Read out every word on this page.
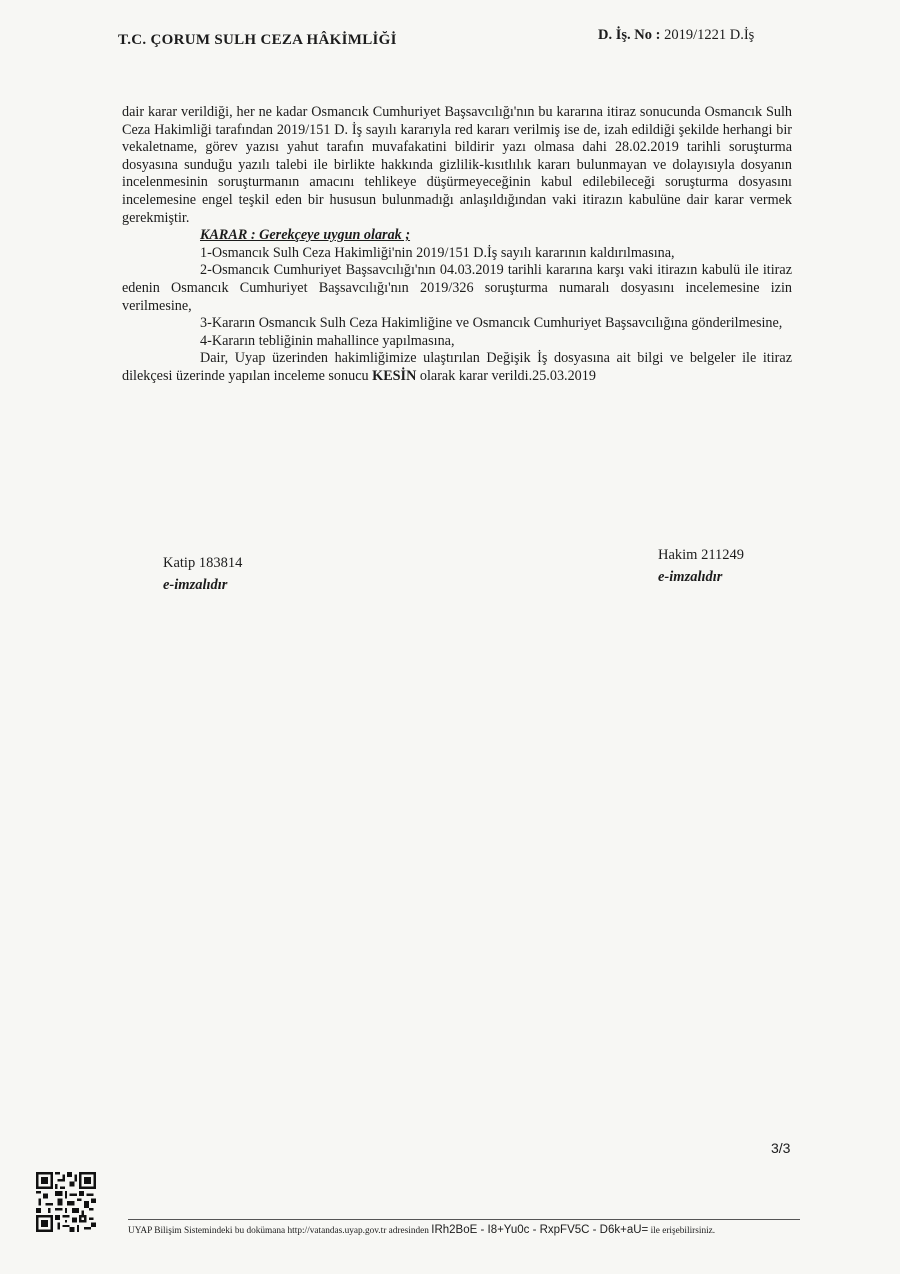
T.C. ÇORUM SULH CEZA HÂKİMLİĞİ	D. İş. No : 2019/1221 D.İş

dair karar verildiği, her ne kadar Osmancık Cumhuriyet Başsavcılığı'nın bu kararına itiraz sonucunda Osmancık Sulh Ceza Hakimliği tarafından 2019/151 D. İş sayılı kararıyla red kararı verilmiş ise de, izah edildiği şekilde herhangi bir vekaletname, görev yazısı yahut tarafın muvafakatini bildirir yazı olmasa dahi 28.02.2019 tarihli soruşturma dosyasına sunduğu yazılı talebi ile birlikte hakkında gizlilik-kısıtlılık kararı bulunmayan ve dolayısıyla dosyanın incelenmesinin soruşturmanın amacını tehlikeye düşürmeyeceğinin kabul edilebileceği soruşturma dosyasını incelemesine engel teşkil eden bir hususun bulunmadığı anlaşıldığından vaki itirazın kabulüne dair karar vermek gerekmiştir.

KARAR : Gerekçeye uygun olarak ;

1-Osmancık Sulh Ceza Hakimliği'nin 2019/151 D.İş sayılı kararının kaldırılmasına,

2-Osmancık Cumhuriyet Başsavcılığı'nın 04.03.2019 tarihli kararına karşı vaki itirazın kabulü ile itiraz edenin Osmancık Cumhuriyet Başsavcılığı'nın 2019/326 soruşturma numaralı dosyasını incelemesine izin verilmesine,

3-Kararın Osmancık Sulh Ceza Hakimliğine ve Osmancık Cumhuriyet Başsavcılığına gönderilmesine,

4-Kararın tebliğinin mahallince yapılmasına,

Dair, Uyap üzerinden hakimliğimize ulaştırılan Değişik İş dosyasına ait bilgi ve belgeler ile itiraz dilekçesi üzerinde yapılan inceleme sonucu KESİN olarak karar verildi.25.03.2019

Katip 183814
e-imzalıdır
Hakim 211249
e-imzalıdır
3/3
UYAP Bilişim Sistemindeki bu dokümana http://vatandas.uyap.gov.tr adresinden IRh2BoE - I8+Yu0c - RxpFV5C - D6k+aU= ile erişebilirsiniz.
